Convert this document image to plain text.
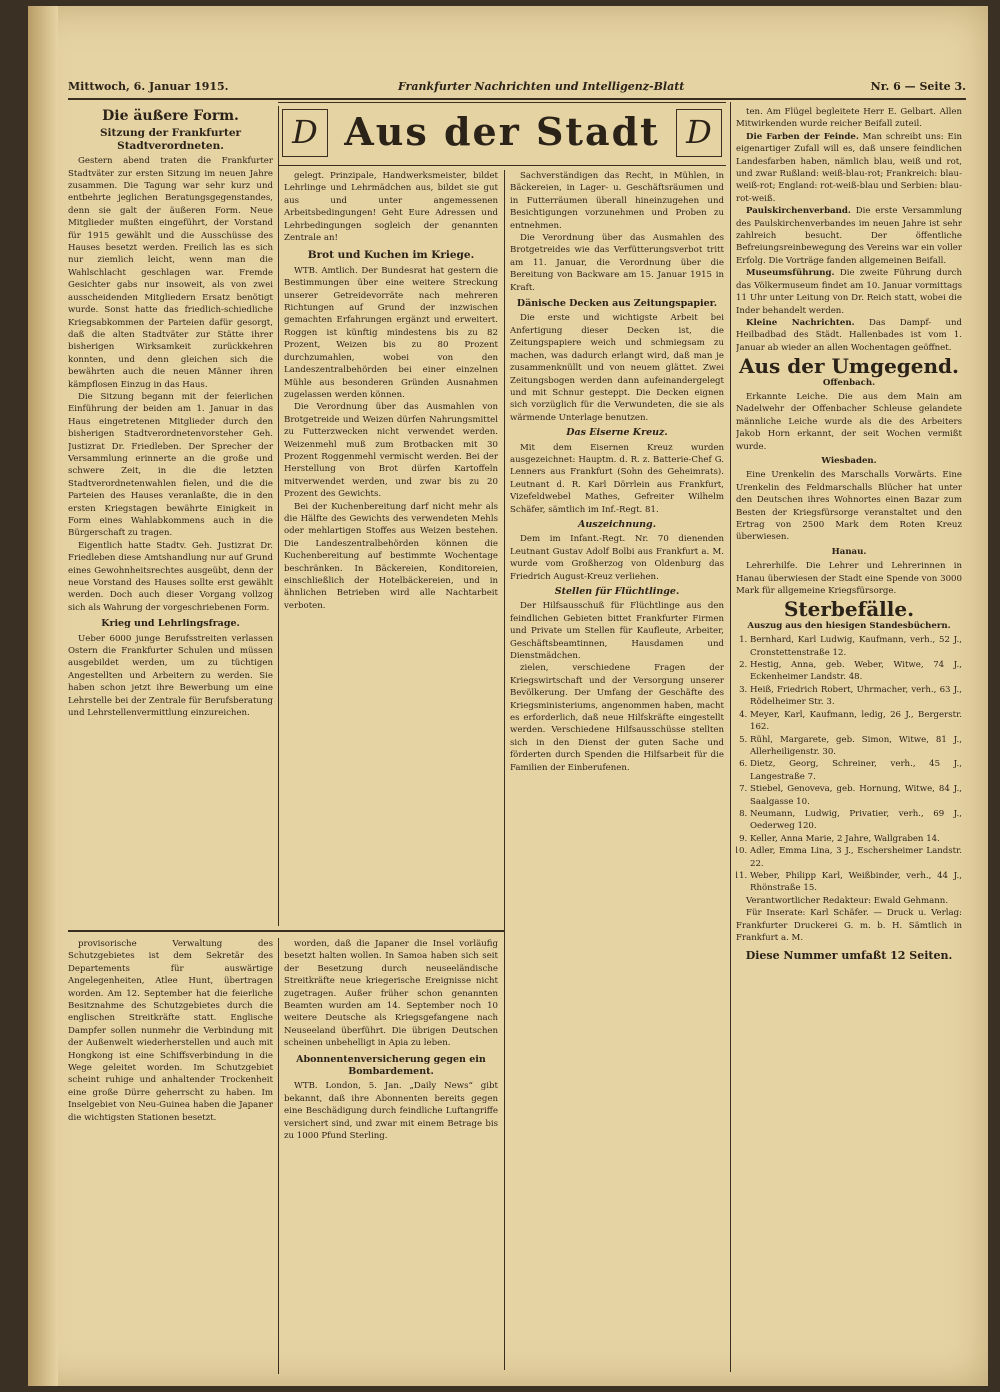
Mittwoch, 6. Januar 1915.	Frankfurter Nachrichten und Intelligenz-Blatt	Nr. 6 — Seite 3.
D Aus der Stadt D
Die äußere Form.
Sitzung der Frankfurter Stadtverordneten.

Gestern abend traten die Frankfurter Stadtväter zur ersten Sitzung im neuen Jahre zusammen. Die Tagung war sehr kurz und entbehrte jeglichen Beratungsgegenstandes, denn sie galt der äußeren Form. Neue Mitglieder mußten eingeführt, der Vorstand für 1915 gewählt und die Ausschüsse des Hauses besetzt werden. Freilich las es sich nur ziemlich leicht, wenn man die Wahlschlacht geschlagen war. Fremde Gesichter gabs nur insoweit, als von zwei ausscheidenden Mitgliedern Ersatz benötigt wurde. Sonst hatte das friedlich-schiedliche Kriegsabkommen der Parteien dafür gesorgt, daß die alten Stadtväter zur Stätte ihrer bisherigen Wirksamkeit zurückkehren konnten, und denn gleichen sich die bewährten auch die neuen Männer ihren kämpflosen Einzug in das Haus.

Die Sitzung begann mit der feierlichen Einführung der beiden am 1. Januar in das Haus eingetretenen Mitglieder durch den bisherigen Stadtverordnetenvorsteher Geh. Justizrat Dr. Friedleben. Der Sprecher der Versammlung erinnerte an die große und schwere Zeit, in die die letzten Stadtverordnetenwahlen fielen, und die die Parteien des Hauses veranlaßte, die in den ersten Kriegstagen bewährte Einigkeit in Form eines Wahlabkommens auch in die Bürgerschaft zu tragen.

Eigentlich hatte Stadtv. Geh. Justizrat Dr. Friedleben diese Amtshandlung nur auf Grund eines Gewohnheitsrechtes ausgeübt, denn der neue Vorstand des Hauses sollte erst gewählt werden. Doch auch dieser Vorgang vollzog sich als Wahrung der vorgeschriebenen Form.

Krieg und Lehrlingsfrage.

Ueber 6000 junge Berufsstreiten verlassen Ostern die Frankfurter Schulen und müssen ausgebildet werden, um zu tüchtigen Angestellten und Arbeitern zu werden. Sie haben schon jetzt ihre Bewerbung um eine Lehrstelle bei der Zentrale für Berufsberatung und Lehrstellenvermittlung einzureichen.

gelegt. Prinzipale, Handwerksmeister, bildet Lehrlinge und Lehrmädchen aus, bildet sie gut aus und unter angemessenen Arbeitsbedingungen! Geht Eure Adressen und Lehrbedingungen sogleich der genannten Zentrale an!

Brot und Kuchen im Kriege.

WTB. Amtlich. Der Bundesrat hat gestern die Bestimmungen über eine weitere Streckung unserer Getreidevorräte nach mehreren Richtungen auf Grund der inzwischen gemachten Erfahrungen ergänzt und erweitert. Roggen ist künftig mindestens bis zu 82 Prozent, Weizen bis zu 80 Prozent durchzumahlen, wobei von den Landeszentralbehörden bei einer einzelnen Mühle aus besonderen Gründen Ausnahmen zugelassen werden können.

Die Verordnung über das Ausmahlen von Brotgetreide und Weizen dürfen Nahrungsmittel zu Futterzwecken nicht verwendet werden. Weizenmehl muß zum Brotbacken mit 30 Prozent Roggenmehl vermischt werden. Bei der Herstellung von Brot dürfen Kartoffeln mitverwendet werden, und zwar bis zu 20 Prozent des Gewichts.

Bei der Kuchenbereitung darf nicht mehr als die Hälfte des Gewichts des verwendeten Mehls oder mehlartigen Stoffes aus Weizen bestehen. Die Landeszentralbehörden können die Kuchenbereitung auf bestimmte Wochentage beschränken. In Bäckereien, Konditoreien, einschließlich der Hotelbäckereien, und in ähnlichen Betrieben wird alle Nachtarbeit verboten.

Sachverständigen das Recht, in Mühlen, in Bäckereien, in Lager- u. Geschäftsräumen und in Futterräumen überall hineinzugehen und Besichtigungen vorzunehmen und Proben zu entnehmen.

Die Verordnung über das Ausmahlen des Brotgetreides wie das Verfütterungsverbot tritt am 11. Januar, die Verordnung über die Bereitung von Backware am 15. Januar 1915 in Kraft.

Dänische Decken aus Zeitungspapier.

Die erste und wichtigste Arbeit bei Anfertigung dieser Decken ist, die Zeitungspapiere weich und schmiegsam zu machen, was dadurch erlangt wird, daß man je zusammenknüllt und von neuem glättet. Zwei Zeitungsbogen werden dann aufeinandergelegt und mit Schnur gesteppt. Die Decken eignen sich vorzüglich für die Verwundeten, die sie als wärmende Unterlage benutzen.

Das Eiserne Kreuz.

Mit dem Eisernen Kreuz wurden ausgezeichnet: Hauptm. d. R. z. Batterie-Chef G. Lenners aus Frankfurt (Sohn des Geheimrats). Leutnant d. R. Karl Dörrlein aus Frankfurt, Vizefeldwebel Mathes, Gefreiter Wilhelm Schäfer, sämtlich im Inf.-Regt. 81.

Auszeichnung.

Dem im Infant.-Regt. Nr. 70 dienenden Leutnant Gustav Adolf Bolbi aus Frankfurt a. M. wurde vom Großherzog von Oldenburg das Friedrich August-Kreuz verliehen.

Stellen für Flüchtlinge.

Der Hilfsausschuß für Flüchtlinge aus den feindlichen Gebieten bittet Frankfurter Firmen und Private um Stellen für Kaufleute, Arbeiter, Geschäftsbeamtinnen, Hausdamen und Dienstmädchen.

zielen, verschiedene Fragen der Kriegswirtschaft und der Versorgung unserer Bevölkerung. Der Umfang der Geschäfte des Kriegsministeriums, angenommen haben, macht es erforderlich, daß neue Hilfskräfte eingestellt werden. Verschiedene Hilfsausschüsse stellten sich in den Dienst der guten Sache und förderten durch Spenden die Hilfsarbeit für die Familien der Einberufenen.

ten. Am Flügel begleitete Herr E. Gelbart. Allen Mitwirkenden wurde reicher Beifall zuteil.

Die Farben der Feinde. Man schreibt uns: Ein eigenartiger Zufall will es, daß unsere feindlichen Landesfarben haben, nämlich blau, weiß und rot, und zwar Rußland: weiß-blau-rot; Frankreich: blau-weiß-rot; England: rot-weiß-blau und Serbien: blau-rot-weiß.

Paulskirchenverband. Die erste Versammlung des Paulskirchenverbandes im neuen Jahre ist sehr zahlreich besucht. Der öffentliche Befreiungsreinbewegung des Vereins war ein voller Erfolg. Die Vorträge fanden allgemeinen Beifall.

Museumsführung. Die zweite Führung durch das Völkermuseum findet am 10. Januar vormittags 11 Uhr unter Leitung von Dr. Reich statt, wobei die Inder behandelt werden.

Kleine Nachrichten. Das Dampf- und Heilbadbad des Städt. Hallenbades ist vom 1. Januar ab wieder an allen Wochentagen geöffnet.

Aus der Umgegend.
Offenbach.

Erkannte Leiche. Die aus dem Main am Nadelwehr der Offenbacher Schleuse gelandete männliche Leiche wurde als die des Arbeiters Jakob Horn erkannt, der seit Wochen vermißt wurde.

Wiesbaden.

Eine Urenkelin des Marschalls Vorwärts. Eine Urenkelin des Feldmarschalls Blücher hat unter den Deutschen ihres Wohnortes einen Bazar zum Besten der Kriegsfürsorge veranstaltet und den Ertrag von 2500 Mark dem Roten Kreuz überwiesen.

Hanau.

Lehrerhilfe. Die Lehrer und Lehrerinnen in Hanau überwiesen der Stadt eine Spende von 3000 Mark für allgemeine Kriegsfürsorge.

Sterbefälle.
Auszug aus den hiesigen Standesbüchern.
1. Bernhard, Karl Ludwig, Kaufmann, verh., 52 J., Cronstettenstraße 12.
2. Hestig, Anna, geb. Weber, Witwe, 74 J., Eckenheimer Landstr. 48.
3. Heiß, Friedrich Robert, Uhrmacher, verh., 63 J., Rödelheimer Str. 3.
4. Meyer, Karl, Kaufmann, ledig, 26 J., Bergerstr. 162.
5. Rühl, Margarete, geb. Simon, Witwe, 81 J., Allerheiligenstr. 30.
6. Dietz, Georg, Schreiner, verh., 45 J., Langestraße 7.
7. Stiebel, Genoveva, geb. Hornung, Witwe, 84 J., Saalgasse 10.
8. Neumann, Ludwig, Privatier, verh., 69 J., Oederweg 120.
9. Keller, Anna Marie, 2 Jahre, Wallgraben 14.
10. Adler, Emma Lina, 3 J., Eschersheimer Landstr. 22.
11. Weber, Philipp Karl, Weißbinder, verh., 44 J., Rhönstraße 15.

Verantwortlicher Redakteur: Ewald Gehmann.

Für Inserate: Karl Schäfer. — Druck u. Verlag: Frankfurter Druckerei G. m. b. H. Sämtlich in Frankfurt a. M.

Diese Nummer umfaßt 12 Seiten.

provisorische Verwaltung des Schutzgebietes ist dem Sekretär des Departements für auswärtige Angelegenheiten, Atlee Hunt, übertragen worden. Am 12. September hat die feierliche Besitznahme des Schutzgebietes durch die englischen Streitkräfte statt. Englische Dampfer sollen nunmehr die Verbindung mit der Außenwelt wiederherstellen und auch mit Hongkong ist eine Schiffsverbindung in die Wege geleitet worden. Im Schutzgebiet scheint ruhige und anhaltender Trockenheit eine große Dürre geherrscht zu haben. Im Inselgebiet von Neu-Guinea haben die Japaner die wichtigsten Stationen besetzt.

worden, daß die Japaner die Insel vorläufig besetzt halten wollen. In Samoa haben sich seit der Besetzung durch neuseeländische Streitkräfte neue kriegerische Ereignisse nicht zugetragen. Außer früher schon genannten Beamten wurden am 14. September noch 10 weitere Deutsche als Kriegsgefangene nach Neuseeland überführt. Die übrigen Deutschen scheinen unbehelligt in Apia zu leben.

Abonnentenversicherung gegen ein Bombardement.

WTB. London, 5. Jan. „Daily News“ gibt bekannt, daß ihre Abonnenten bereits gegen eine Beschädigung durch feindliche Luftangriffe versichert sind, und zwar mit einem Betrage bis zu 1000 Pfund Sterling.
